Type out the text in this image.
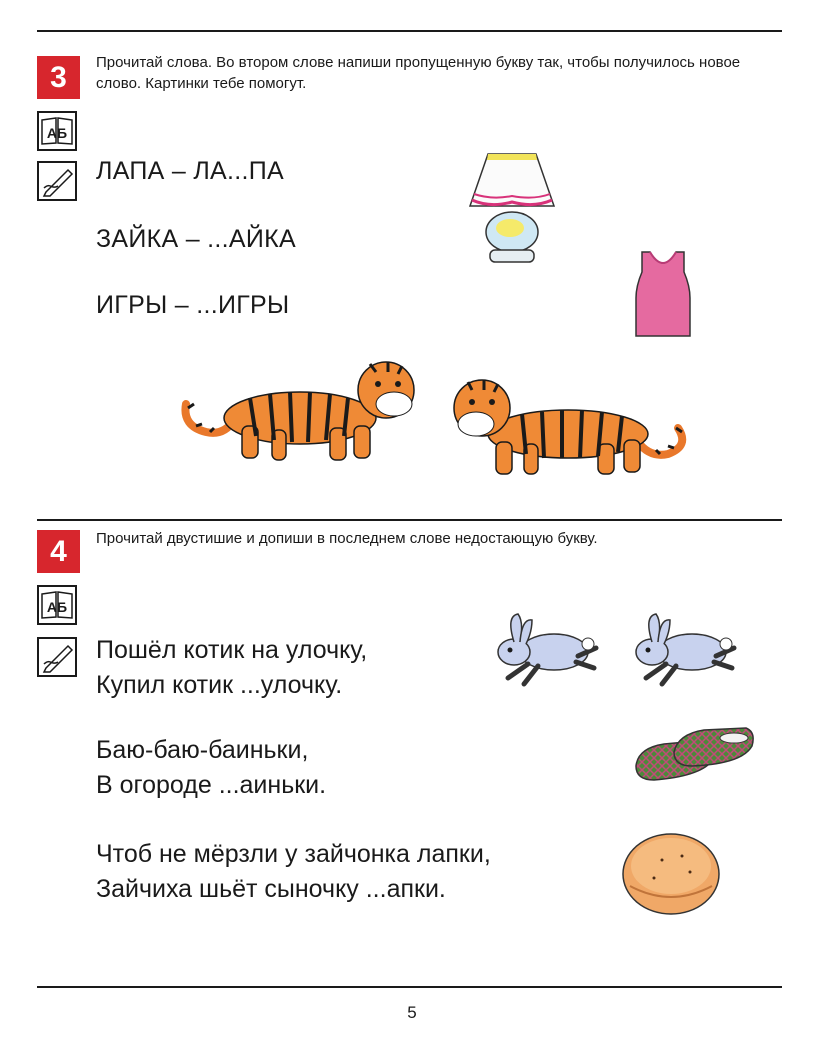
3	Прочитай слова. Во втором слове напиши пропущенную букву так, чтобы получилось новое слово. Картинки тебе помогут.
АБ
ЛАПА – ЛА...ПА
ЗАЙКА – ...АЙКА
ИГРЫ – ...ИГРЫ
4	Прочитай двустишие и допиши в последнем слове недостающую букву.
АБ
Пошёл котик на улочку,
Купил котик ...улочку.
Баю-баю-баиньки,
В огороде ...аиньки.
Чтоб не мёрзли у зайчонка лапки,
Зайчиха шьёт сыночку ...апки.
5
